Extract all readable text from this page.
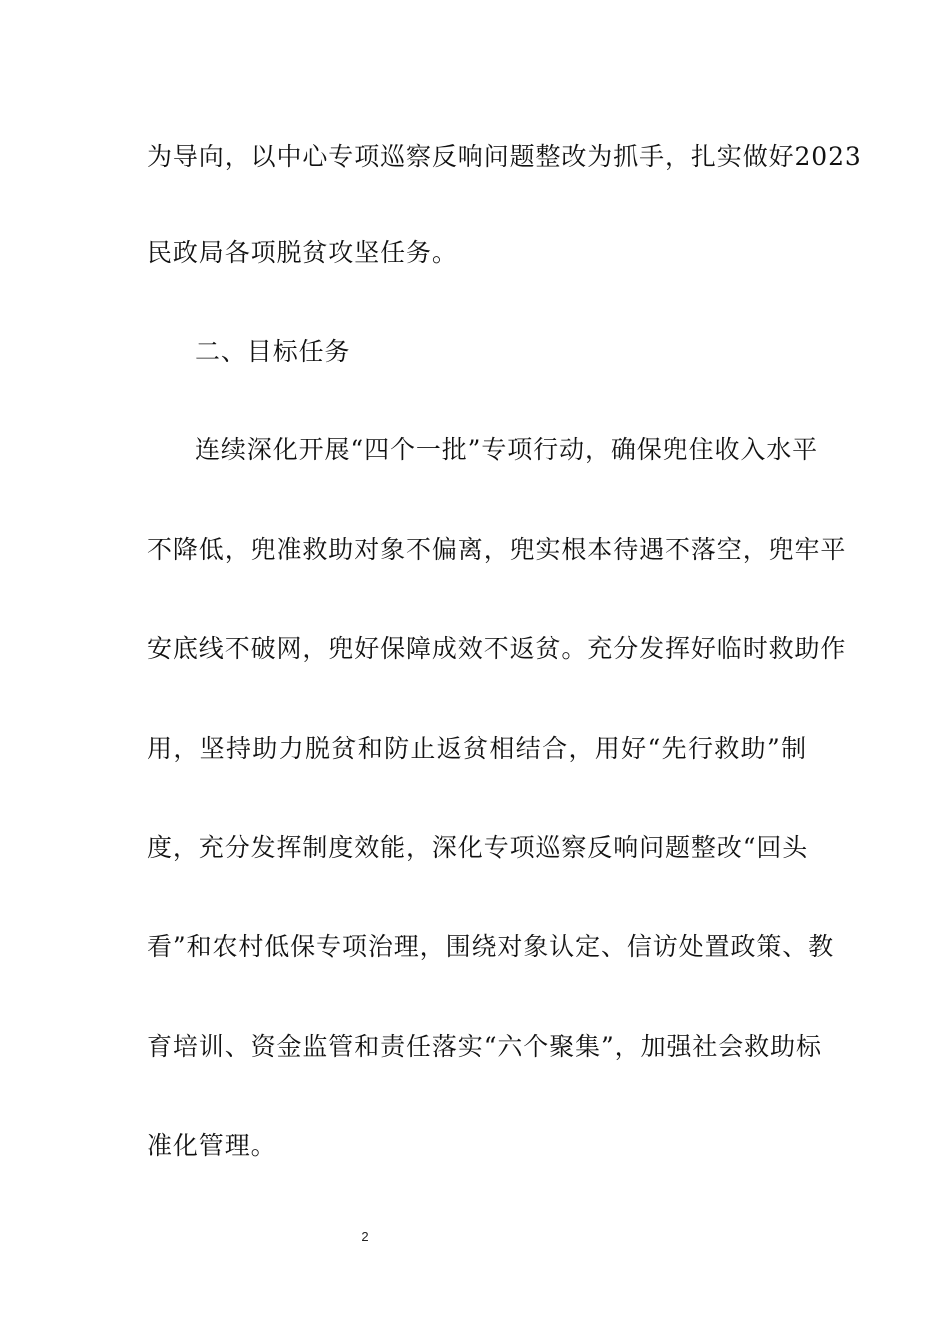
为导向，以中心专项巡察反响问题整改为抓手，扎实做好2023
民政局各项脱贫攻坚任务。
二、目标任务
连续深化开展“四个一批”专项行动，确保兜住收入水平
不降低，兜准救助对象不偏离，兜实根本待遇不落空，兜牢平
安底线不破网，兜好保障成效不返贫。充分发挥好临时救助作
用，坚持助力脱贫和防止返贫相结合，用好“先行救助”制
度，充分发挥制度效能，深化专项巡察反响问题整改“回头
看”和农村低保专项治理，围绕对象认定、信访处置政策、教
育培训、资金监管和责任落实“六个聚集”，加强社会救助标
准化管理。
2
